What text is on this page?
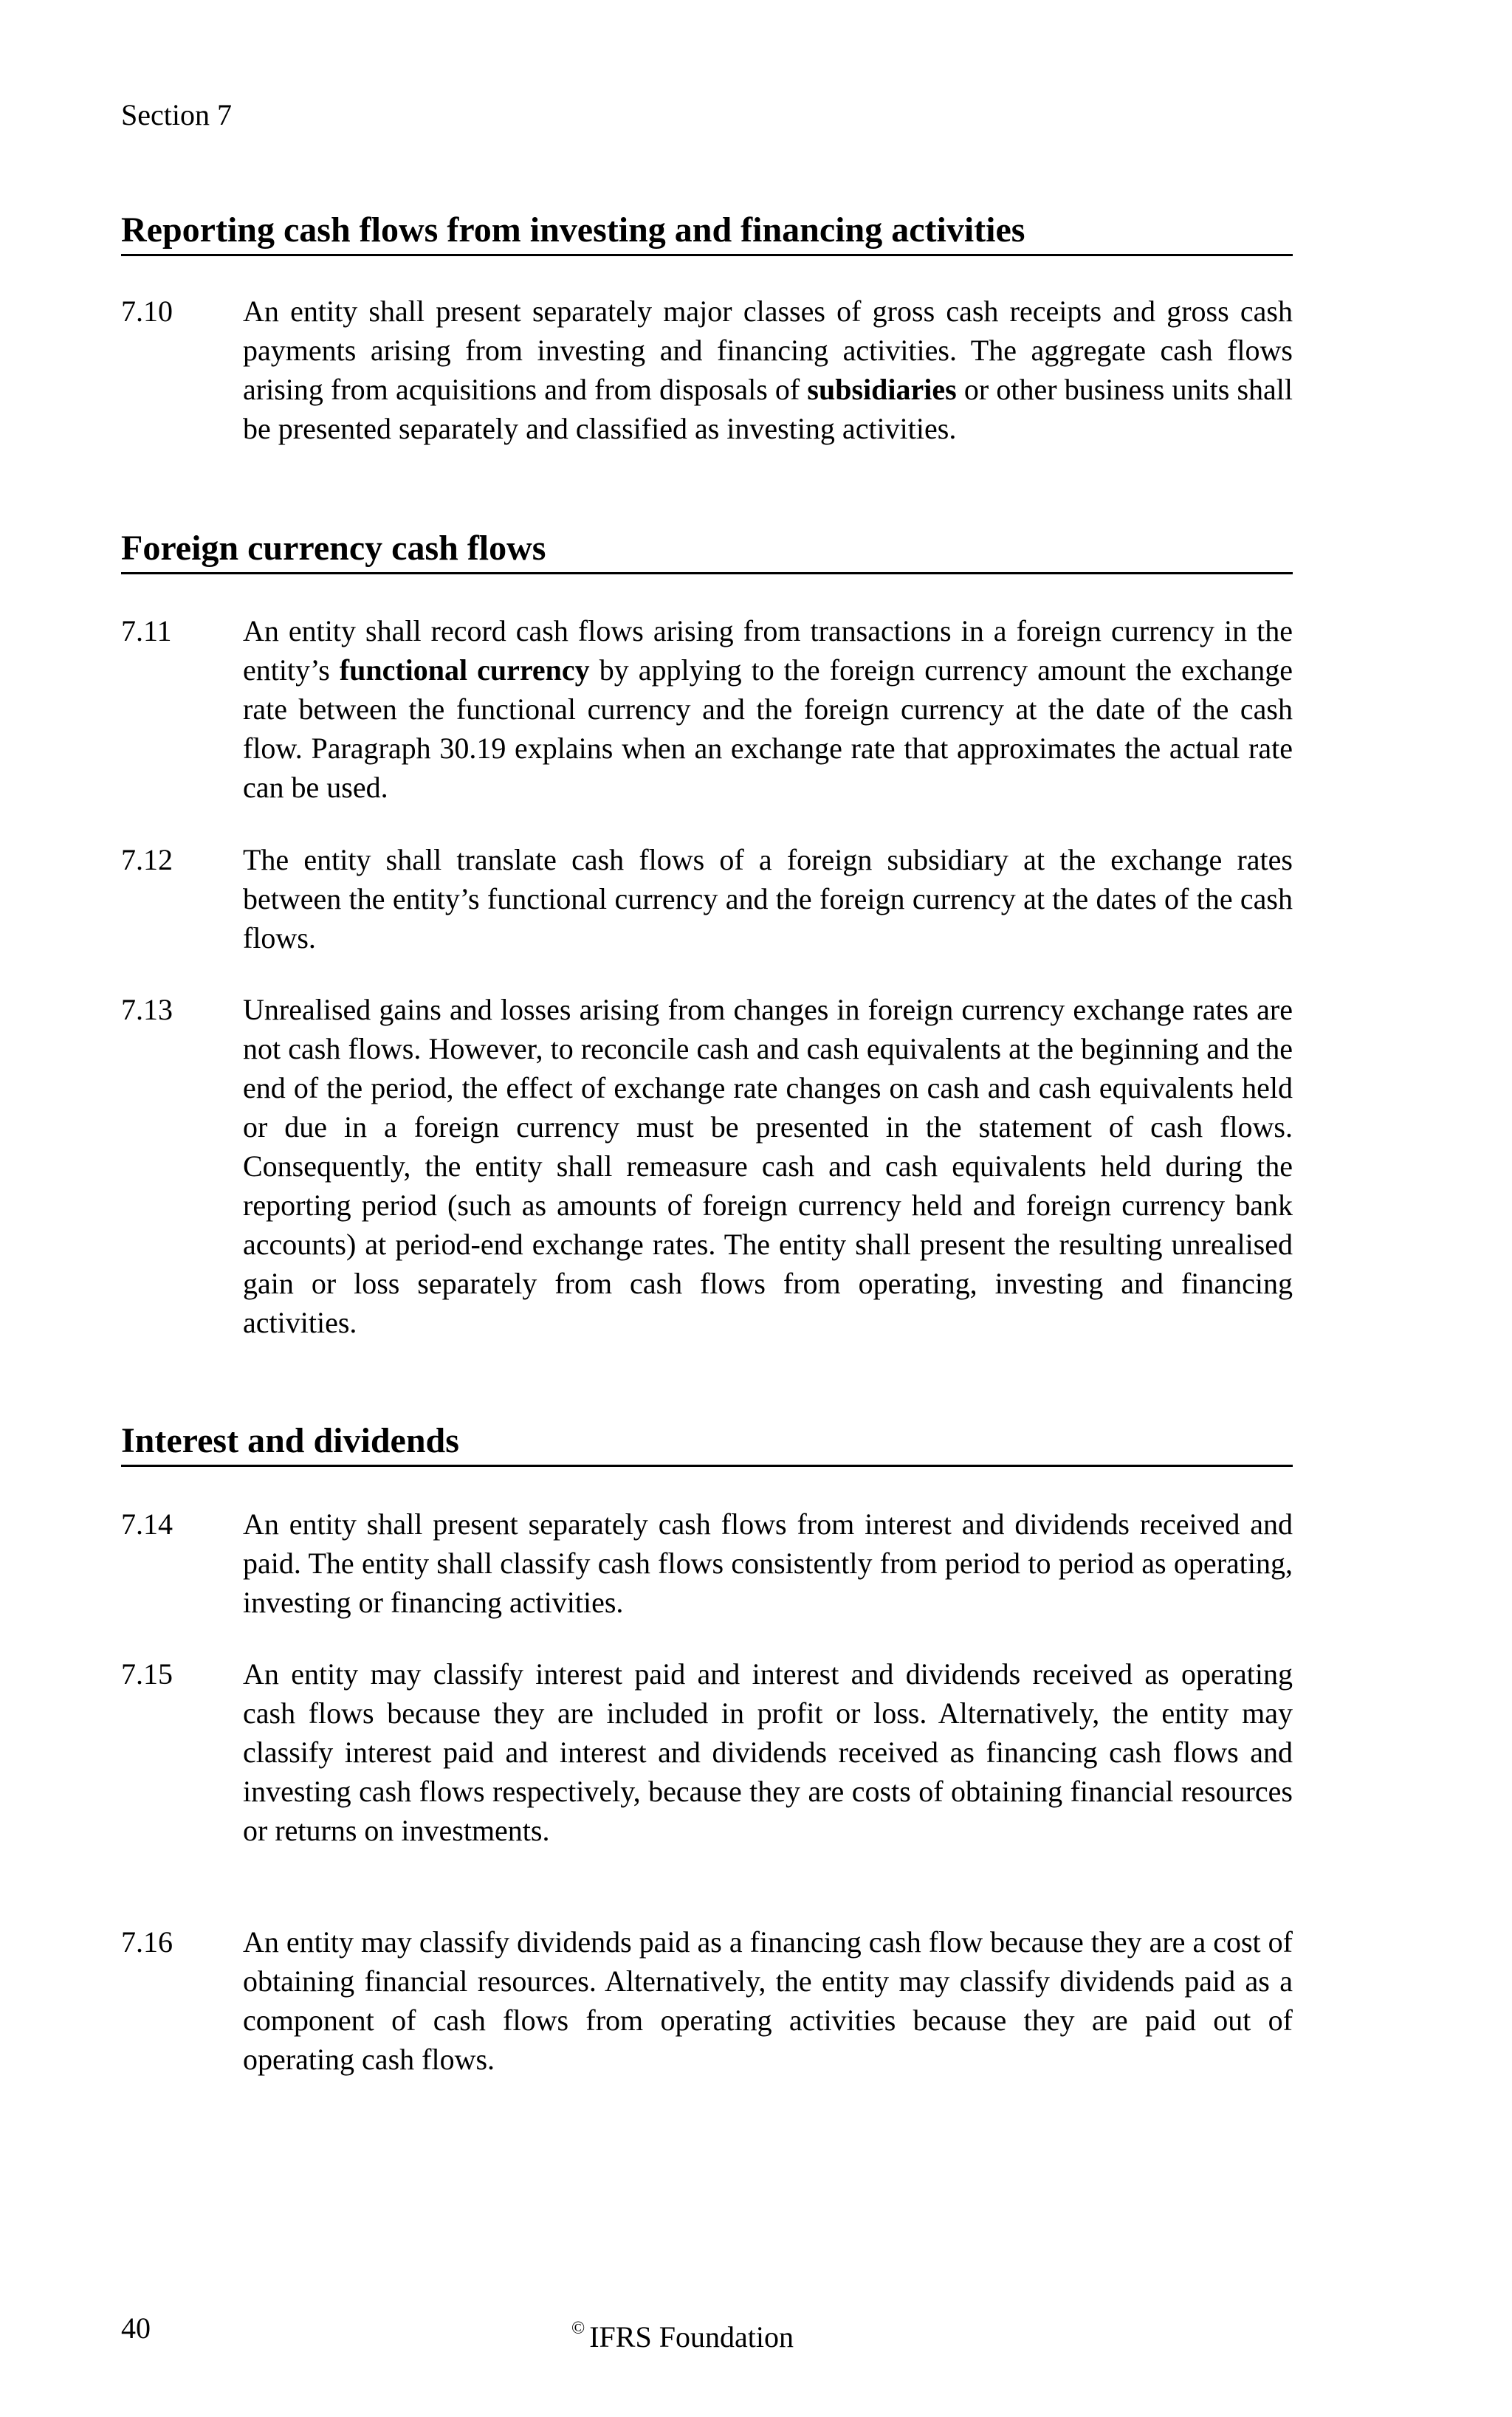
Section 7
Reporting cash flows from investing and financing activities
7.10 An entity shall present separately major classes of gross cash receipts and gross cash payments arising from investing and financing activities. The aggregate cash flows arising from acquisitions and from disposals of subsidiaries or other business units shall be presented separately and classified as investing activities.
Foreign currency cash flows
7.11 An entity shall record cash flows arising from transactions in a foreign currency in the entity’s functional currency by applying to the foreign currency amount the exchange rate between the functional currency and the foreign currency at the date of the cash flow. Paragraph 30.19 explains when an exchange rate that approximates the actual rate can be used.
7.12 The entity shall translate cash flows of a foreign subsidiary at the exchange rates between the entity’s functional currency and the foreign currency at the dates of the cash flows.
7.13 Unrealised gains and losses arising from changes in foreign currency exchange rates are not cash flows. However, to reconcile cash and cash equivalents at the beginning and the end of the period, the effect of exchange rate changes on cash and cash equivalents held or due in a foreign currency must be presented in the statement of cash flows. Consequently, the entity shall remeasure cash and cash equivalents held during the reporting period (such as amounts of foreign currency held and foreign currency bank accounts) at period-end exchange rates. The entity shall present the resulting unrealised gain or loss separately from cash flows from operating, investing and financing activities.
Interest and dividends
7.14 An entity shall present separately cash flows from interest and dividends received and paid. The entity shall classify cash flows consistently from period to period as operating, investing or financing activities.
7.15 An entity may classify interest paid and interest and dividends received as operating cash flows because they are included in profit or loss. Alternatively, the entity may classify interest paid and interest and dividends received as financing cash flows and investing cash flows respectively, because they are costs of obtaining financial resources or returns on investments.
7.16 An entity may classify dividends paid as a financing cash flow because they are a cost of obtaining financial resources. Alternatively, the entity may classify dividends paid as a component of cash flows from operating activities because they are paid out of operating cash flows.
40	© IFRS Foundation
